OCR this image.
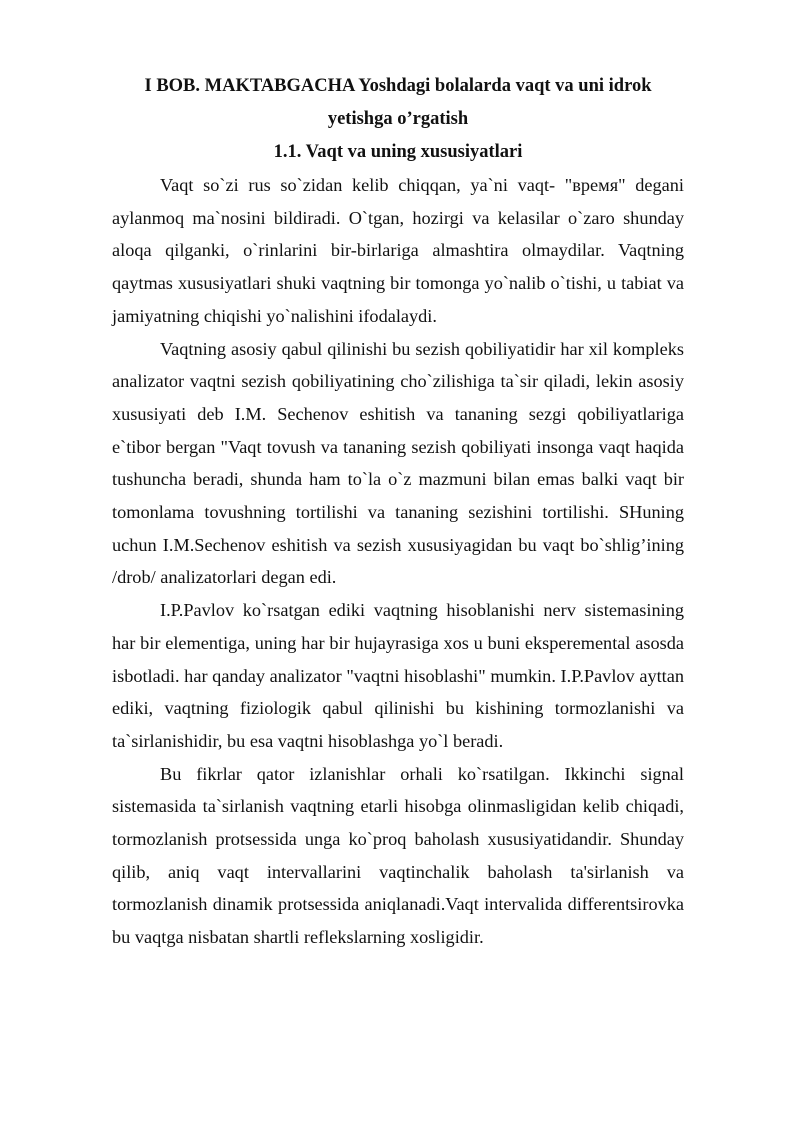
I BOB. MAKTABGACHA Yoshdagi bolalarda vaqt va uni idrok yetishga o’rgatish
1.1. Vaqt va uning xususiyatlari

Vaqt so`zi rus so`zidan kelib chiqqan, ya`ni vaqt- "время" degani aylanmoq ma`nosini bildiradi. O`tgan, hozirgi va kelasilar o`zaro shunday aloqa qilganki, o`rinlarini bir-birlariga almashtira olmaydilar. Vaqtning qaytmas xususiyatlari shuki vaqtning bir tomonga yo`nalib o`tishi, u tabiat va jamiyatning chiqishi yo`nalishini ifodalaydi.

Vaqtning asosiy qabul qilinishi bu sezish qobiliyatidir har xil kompleks analizator vaqtni sezish qobiliyatining cho`zilishiga ta`sir qiladi, lekin asosiy xususiyati deb I.M. Sechenov eshitish va tananing sezgi qobiliyatlariga e`tibor bergan "Vaqt tovush va tananing sezish qobiliyati insonga vaqt haqida tushuncha beradi, shunda ham to`la o`z mazmuni bilan emas balki vaqt bir tomonlama tovushning tortilishi va tananing sezishini tortilishi. SHuning uchun I.M.Sechenov eshitish va sezish xususiyagidan bu vaqt bo`shlig’ining /drob/ analizatorlari degan edi.

I.P.Pavlov ko`rsatgan ediki vaqtning hisoblanishi nerv sistemasining har bir elementiga, uning har bir hujayrasiga xos u buni eksperemental asosda isbotladi. har qanday analizator "vaqtni hisoblashi" mumkin. I.P.Pavlov ayttan ediki, vaqtning fiziologik qabul qilinishi bu kishining tormozlanishi va ta`sirlanishidir, bu esa vaqtni hisoblashga yo`l beradi.

Bu fikrlar qator izlanishlar orhali ko`rsatilgan. Ikkinchi signal sistemasida ta`sirlanish vaqtning etarli hisobga olinmasligidan kelib chiqadi, tormozlanish protsessida unga ko`proq baholash xususiyatidandir. Shunday qilib, aniq vaqt intervallarini vaqtinchalik baholash ta'sirlanish va tormozlanish dinamik protsessida aniqlanadi.Vaqt intervalida differentsirovka bu vaqtga nisbatan shartli reflekslarning xosligidir.
